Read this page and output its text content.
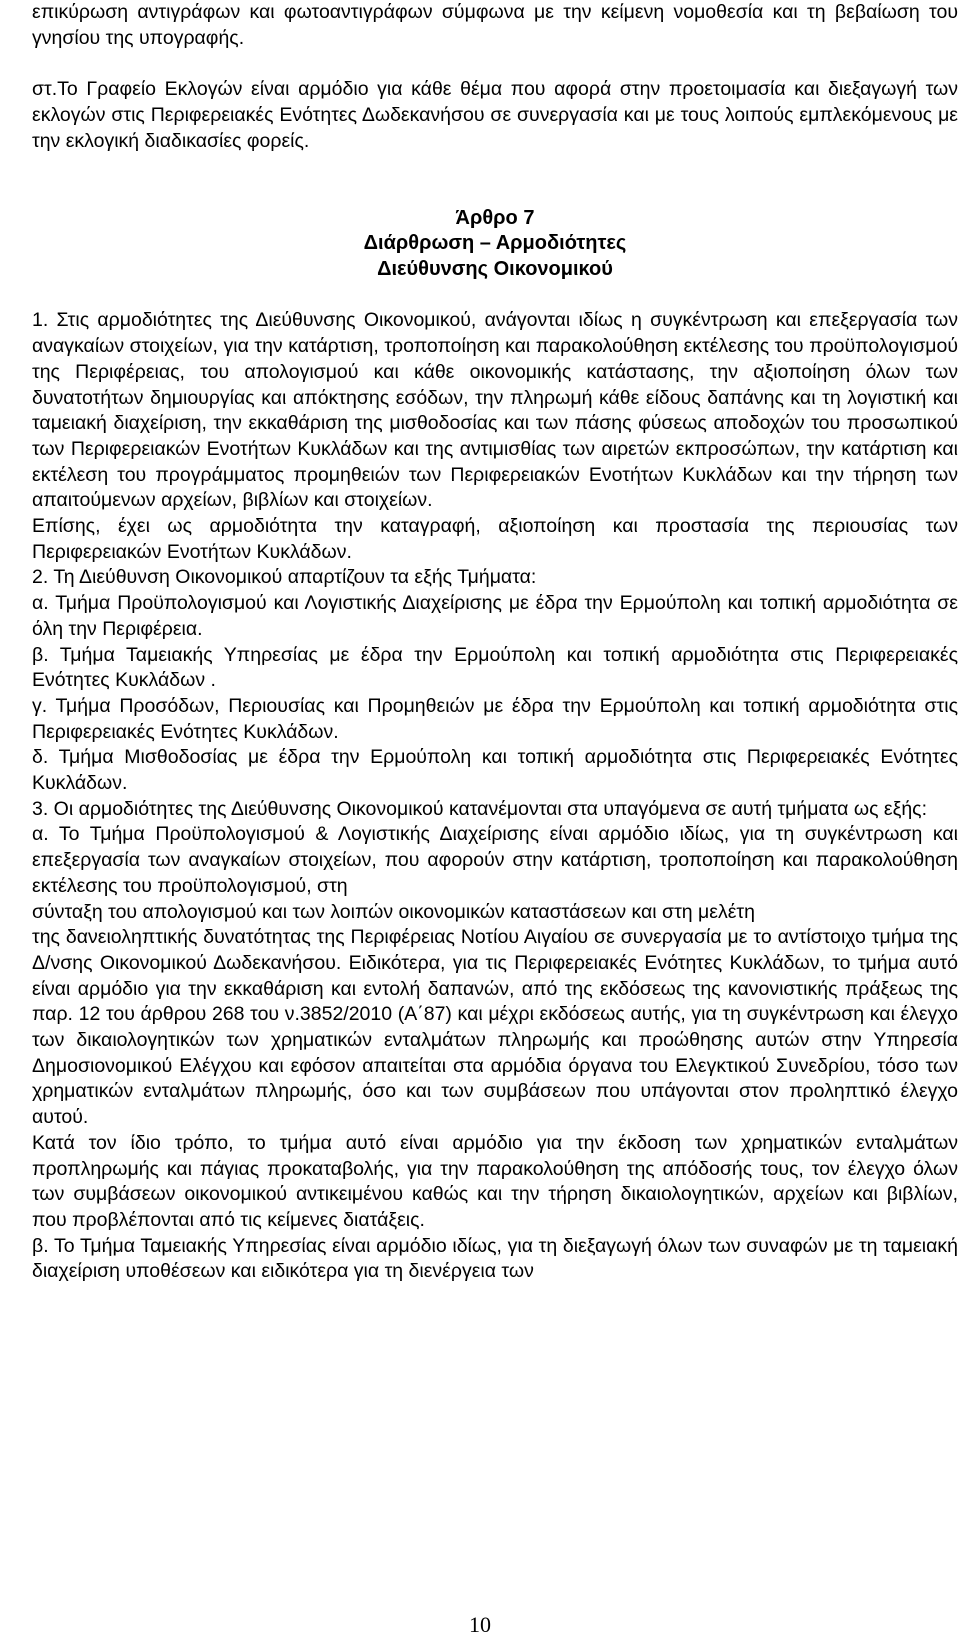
επικύρωση αντιγράφων και φωτοαντιγράφων σύμφωνα με την κείμενη νομοθεσία και τη βεβαίωση του γνησίου της υπογραφής.

στ.Το Γραφείο Εκλογών είναι αρμόδιο για κάθε θέμα που αφορά στην προετοιμασία και διεξαγωγή των εκλογών στις Περιφερειακές Ενότητες Δωδεκανήσου σε συνεργασία και με τους λοιπούς εμπλεκόμενους με την εκλογική διαδικασίες φορείς.

Άρθρο 7

Διάρθρωση – Αρμοδιότητες

Διεύθυνσης Οικονομικού

1. Στις αρμοδιότητες της Διεύθυνσης Οικονομικού, ανάγονται ιδίως η συγκέντρωση και επεξεργασία των αναγκαίων στοιχείων, για την κατάρτιση, τροποποίηση και παρακολούθηση εκτέλεσης του προϋπολογισμού της Περιφέρειας, του απολογισμού και κάθε οικονομικής κατάστασης, την αξιοποίηση όλων των δυνατοτήτων δημιουργίας και απόκτησης εσόδων, την πληρωμή κάθε είδους δαπάνης και τη λογιστική και ταμειακή διαχείριση, την εκκαθάριση της μισθοδοσίας και των πάσης φύσεως αποδοχών του προσωπικού των Περιφερειακών Ενοτήτων Κυκλάδων και της αντιμισθίας των αιρετών εκπροσώπων, την κατάρτιση και εκτέλεση του προγράμματος προμηθειών των Περιφερειακών Ενοτήτων Κυκλάδων και την τήρηση των απαιτούμενων αρχείων, βιβλίων και στοιχείων.

Επίσης, έχει ως αρμοδιότητα την καταγραφή, αξιοποίηση και προστασία της περιουσίας των Περιφερειακών Ενοτήτων Κυκλάδων.

2. Τη Διεύθυνση Οικονομικού απαρτίζουν τα εξής Τμήματα:

α. Τμήμα Προϋπολογισμού και Λογιστικής Διαχείρισης με έδρα την Ερμούπολη και τοπική αρμοδιότητα σε όλη την Περιφέρεια.

β. Τμήμα Ταμειακής Υπηρεσίας με έδρα την Ερμούπολη και τοπική αρμοδιότητα στις Περιφερειακές Ενότητες Κυκλάδων .

γ. Τμήμα Προσόδων, Περιουσίας και Προμηθειών με έδρα την Ερμούπολη και τοπική αρμοδιότητα στις Περιφερειακές Ενότητες Κυκλάδων.

δ. Τμήμα Μισθοδοσίας με έδρα την Ερμούπολη και τοπική αρμοδιότητα στις Περιφερειακές Ενότητες Κυκλάδων.

3. Οι αρμοδιότητες της Διεύθυνσης Οικονομικού κατανέμονται στα υπαγόμενα σε αυτή τμήματα ως εξής:

α. Το Τμήμα Προϋπολογισμού & Λογιστικής Διαχείρισης είναι αρμόδιο ιδίως, για τη συγκέντρωση και επεξεργασία των αναγκαίων στοιχείων, που αφορούν στην κατάρτιση, τροποποίηση και παρακολούθηση εκτέλεσης του προϋπολογισμού, στη

σύνταξη του απολογισμού και των λοιπών οικονομικών καταστάσεων και στη μελέτη

της δανειοληπτικής δυνατότητας της Περιφέρειας Νοτίου Αιγαίου σε συνεργασία με το αντίστοιχο τμήμα της Δ/νσης Οικονομικού Δωδεκανήσου. Ειδικότερα, για τις Περιφερειακές Ενότητες Κυκλάδων, το τμήμα αυτό είναι αρμόδιο για την εκκαθάριση και εντολή δαπανών, από της εκδόσεως της κανονιστικής πράξεως της παρ. 12 του άρθρου 268 του ν.3852/2010 (Α΄87) και μέχρι εκδόσεως αυτής, για τη συγκέντρωση και έλεγχο των δικαιολογητικών των χρηματικών ενταλμάτων πληρωμής και προώθησης αυτών στην Υπηρεσία Δημοσιονομικού Ελέγχου και εφόσον απαιτείται στα αρμόδια όργανα του Ελεγκτικού Συνεδρίου, τόσο των χρηματικών ενταλμάτων πληρωμής, όσο και των συμβάσεων που υπάγονται στον προληπτικό έλεγχο αυτού.

Κατά τον ίδιο τρόπο, το τμήμα αυτό είναι αρμόδιο για την έκδοση των χρηματικών ενταλμάτων προπληρωμής και πάγιας προκαταβολής, για την παρακολούθηση της απόδοσής τους, τον έλεγχο όλων των συμβάσεων οικονομικού αντικειμένου καθώς και την τήρηση δικαιολογητικών, αρχείων και βιβλίων, που προβλέπονται από τις κείμενες διατάξεις.

β. Το Τμήμα Ταμειακής Υπηρεσίας είναι αρμόδιο ιδίως, για τη διεξαγωγή όλων των συναφών με τη ταμειακή διαχείριση υποθέσεων και ειδικότερα για τη διενέργεια των

10
